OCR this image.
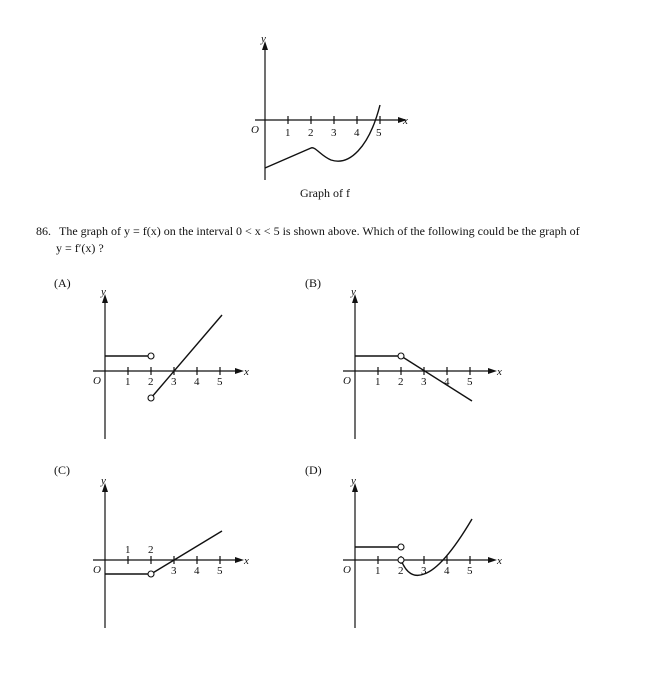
y
x
O 1 2 3 4 5
Graph of f
86. The graph of y = f(x) on the interval 0 < x < 5 is shown above. Which of the following could be the graph of
y = f′(x) ?
(A)	(B)
(C)	(D)
y
x
O 1 2 3 4 5
y
x
O 1 2 3 4 5
y
x
O
1 2
3 4 5
y
x
O 1 2 3 4 5
